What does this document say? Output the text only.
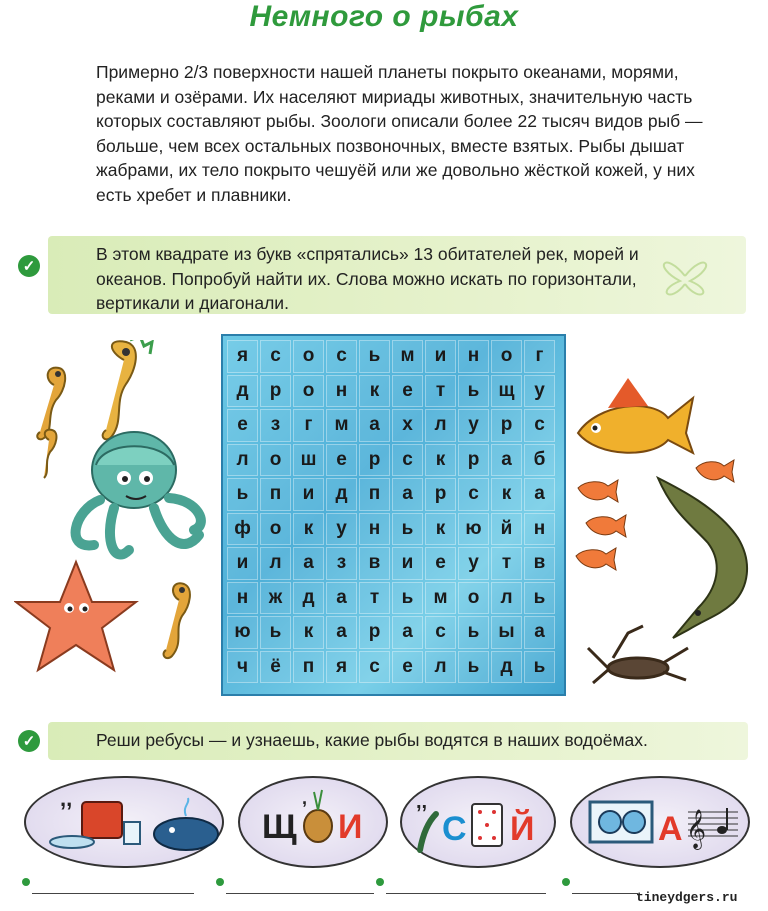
Немного о рыбах
Примерно 2/3 поверхности нашей планеты покрыто океанами, морями, реками и озёрами. Их населяют мириады животных, значительную часть которых составляют рыбы. Зоологи описали более 22 тысяч видов рыб — больше, чем всех остальных позвоночных, вместе взятых. Рыбы дышат жабрами, их тело покрыто чешуёй или же довольно жёсткой кожей, у них есть хребет и плавники.
✓
В этом квадрате из букв «спрятались» 13 обитателей рек, морей и океанов. Попробуй найти их. Слова можно искать по горизонтали, вертикали и диагонали.
я	с	о	с	ь	м	и	н	о	г
д	р	о	н	к	е	т	ь	щ	у
е	з	г	м	а	х	л	у	р	с
л	о	ш	е	р	с	к	р	а	б
ь	п	и	д	п	а	р	с	к	а
ф о	к	у	н	ь	к	ю	й	н
и	л	а	з	в	и	е	у	т	в
н	ж	д	а	т	ь	м	о	л	ь
ю	ь	к	а	р	а	с	ь	ы	а
ч	ё	п	я	с	е	л	ь	д	ь
✓	Реши ребусы — и узнаешь, какие рыбы водятся в наших водоёмах.
,,
Щ
,
И
,,
С Й	А 𝄞
tineydgers.ru
